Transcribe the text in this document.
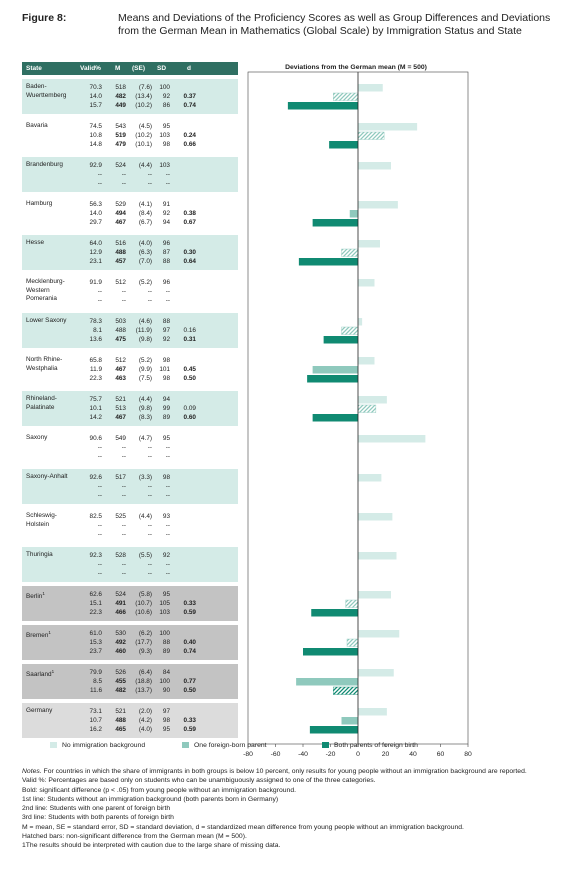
Figure 8:	Means and Deviations of the Proficiency Scores as well as Group Differences and Deviations from the German Mean in Mathematics (Global Scale) by Immigration Status and State
State	Valid% M (SE) SD	d
Baden-Wuerttemberg
70.3	518	(7.6)	100
14.0	482	(13.4)	92	0.37
15.7	449	(10.2)	86	0.74
Bavaria	74.5	543	(4.5)	95
10.8	519	(10.2)	103	0.24
14.8	479	(10.1)	98	0.66
Brandenburg	92.9	524	(4.4)	103
--	--	--	--
--	--	--	--
Hamburg	56.3	529	(4.1)	91
14.0	494	(8.4)	92	0.38
29.7	467	(6.7)	94	0.67
Hesse	64.0	516	(4.0)	96
12.9	488	(6.3)	87	0.30
23.1	457	(7.0)	88	0.64
Mecklenburg-Western Pomerania
91.9	512	(5.2)	96
--	--	--	--
--	--	--	--
Lower Saxony	78.3	503	(4.6)	88
8.1	488	(11.9)	97	0.16
13.6	475	(9.8)	92	0.31
North Rhine-Westphalia
65.8	512	(5.2)	98
11.9	467	(9.9)	101	0.45
22.3	463	(7.5)	98	0.50
Rhineland-Palatinate
75.7	521	(4.4)	94
10.1	513	(9.8)	99	0.09
14.2	467	(8.3)	89	0.60
Saxony	90.6	549	(4.7)	95
--	--	--	--
--	--	--	--
Saxony-Anhalt	92.6	517	(3.3)	98
--	--	--	--
--	--	--	--
Schleswig-Holstein
82.5	525	(4.4)	93
--	--	--	--
--	--	--	--
Thuringia	92.3	528	(5.5)	92
--	--	--	--
--	--	--	--
Berlin$^1$	62.6	524	(5.8)	95
15.1	491	(10.7)	105	0.33
22.3	466	(10.6)	103	0.59
Bremen$^1$	61.0	530	(6.2)	100
15.3	492	(17.7)	88	0.40
23.7	460	(9.3)	89	0.74
Saarland$^1$	79.9	526	(6.4)	84
8.5	455	(18.8)	100	0.77
11.6	482	(13.7)	90	0.50
Germany	73.1	521	(2.0)	97
10.7	488	(4.2)	98	0.33
16.2	465	(4.0)	95	0.59
Deviations from the German mean (M = 500)
-80	-60	-40	-20	0	20	40	60	80
No immigration background	One foreign-born parent	Both parents of foreign birth
Notes. For countries in which the share of immigrants in both groups is below 10 percent, only results for young people without an immigration background are reported.
Valid %: Percentages are based only on students who can be unambiguously assigned to one of the three categories.
Bold: significant difference (p < .05) from young people without an immigration background.
1st line: Students without an immigration background (both parents born in Germany)
2nd line: Students with one parent of foreign birth
3rd line: Students with both parents of foreign birth
M = mean, SE = standard error, SD = standard deviation, d = standardized mean difference from young people without an immigration background.
Hatched bars: non-significant difference from the German mean (M = 500).
1The results should be interpreted with caution due to the large share of missing data.
